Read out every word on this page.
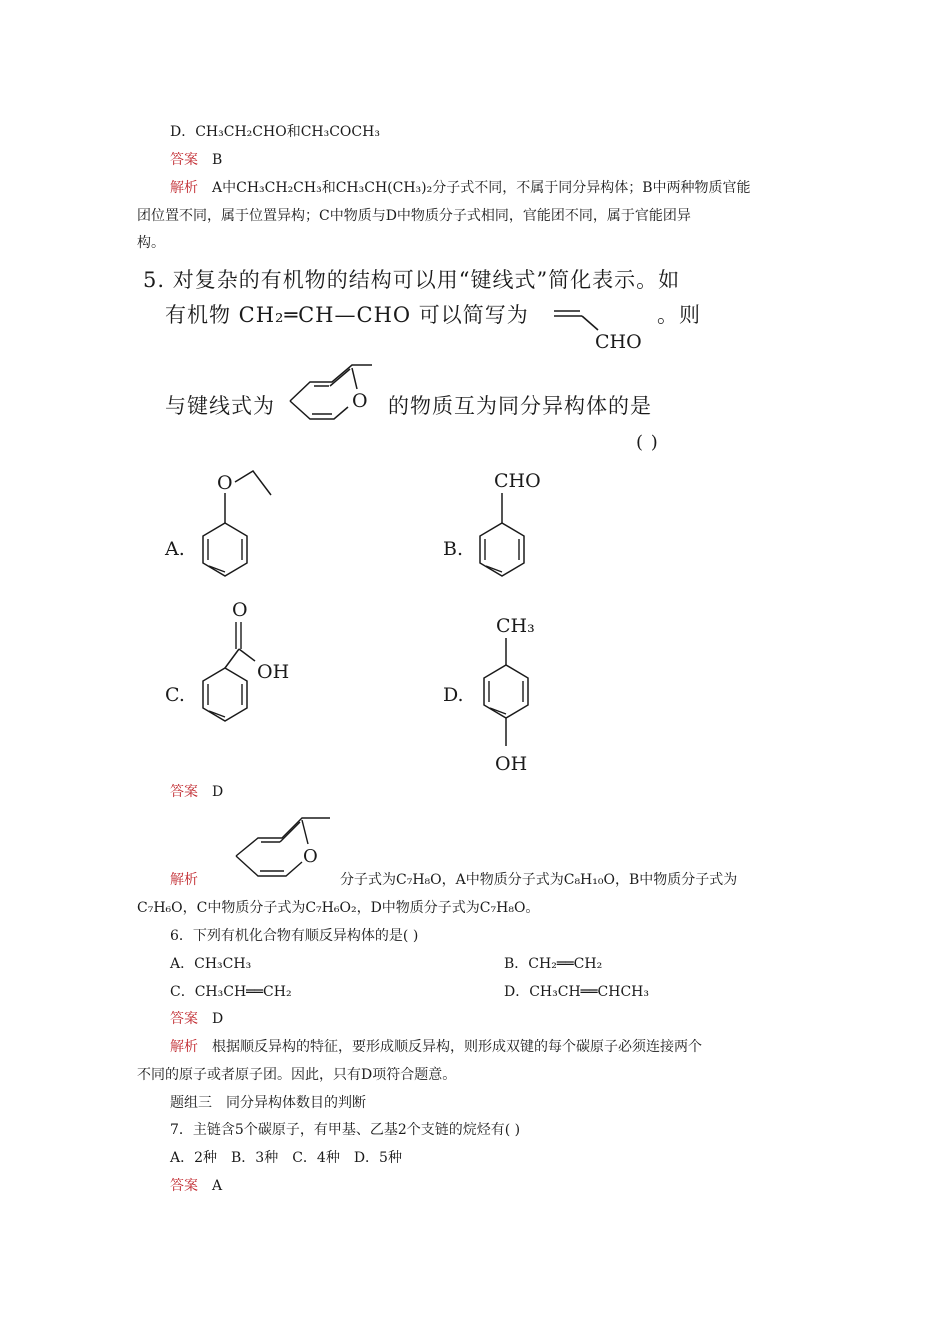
D．CH₃CH₂CHO和CH₃COCH₃
答案 B
解析 A中CH₃CH₂CH₃和CH₃CH(CH₃)₂分子式不同，不属于同分异构体；B中两种物质官能
团位置不同，属于位置异构；C中物质与D中物质分子式相同，官能团不同，属于官能团异
构。
5. 对复杂的有机物的结构可以用“键线式”简化表示。如
有机物 CH₂═CH—CHO 可以简写为
CHO
。则
与键线式为	O 的物质互为同分异构体的是
( )
A.
O
B.
CHO
C.
O
OH
D.
CH₃
OH
答案 D
O
解析	分子式为C₇H₈O，A中物质分子式为C₈H₁₀O，B中物质分子式为
C₇H₆O，C中物质分子式为C₇H₆O₂，D中物质分子式为C₇H₈O。
6．下列有机化合物有顺反异构体的是( )
A．CH₃CH₃	B．CH₂══CH₂
C．CH₃CH══CH₂	D．CH₃CH══CHCH₃
答案 D
解析 根据顺反异构的特征，要形成顺反异构，则形成双键的每个碳原子必须连接两个
不同的原子或者原子团。因此，只有D项符合题意。
题组三　同分异构体数目的判断
7．主链含5个碳原子，有甲基、乙基2个支链的烷烃有( )
A．2种　B．3种　C．4种　D．5种
答案 A
